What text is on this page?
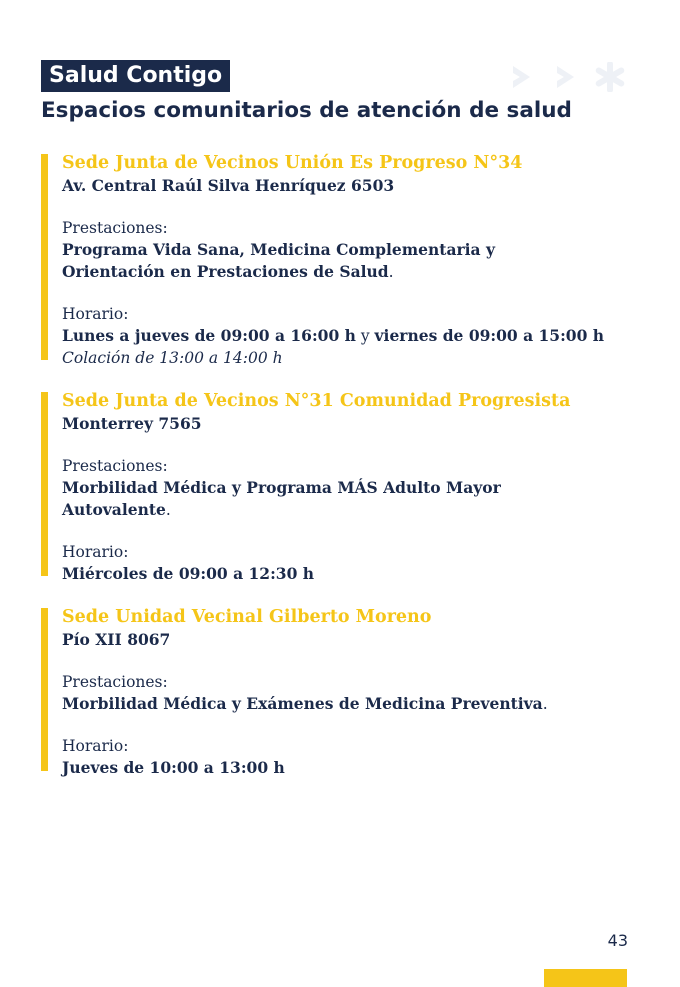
Salud Contigo
Espacios comunitarios de atención de salud
Sede Junta de Vecinos Unión Es Progreso N°34
Av. Central Raúl Silva Henríquez 6503
Prestaciones:
Programa Vida Sana, Medicina Complementaria y
Orientación en Prestaciones de Salud.
Horario:
Lunes a jueves de 09:00 a 16:00 h y viernes de 09:00 a 15:00 h
Colación de 13:00 a 14:00 h
Sede Junta de Vecinos N°31 Comunidad Progresista
Monterrey 7565
Prestaciones:
Morbilidad Médica y Programa MÁS Adulto Mayor
Autovalente.
Horario:
Miércoles de 09:00 a 12:30 h
Sede Unidad Vecinal Gilberto Moreno
Pío XII 8067
Prestaciones:
Morbilidad Médica y Exámenes de Medicina Preventiva.
Horario:
Jueves de 10:00 a 13:00 h
43
